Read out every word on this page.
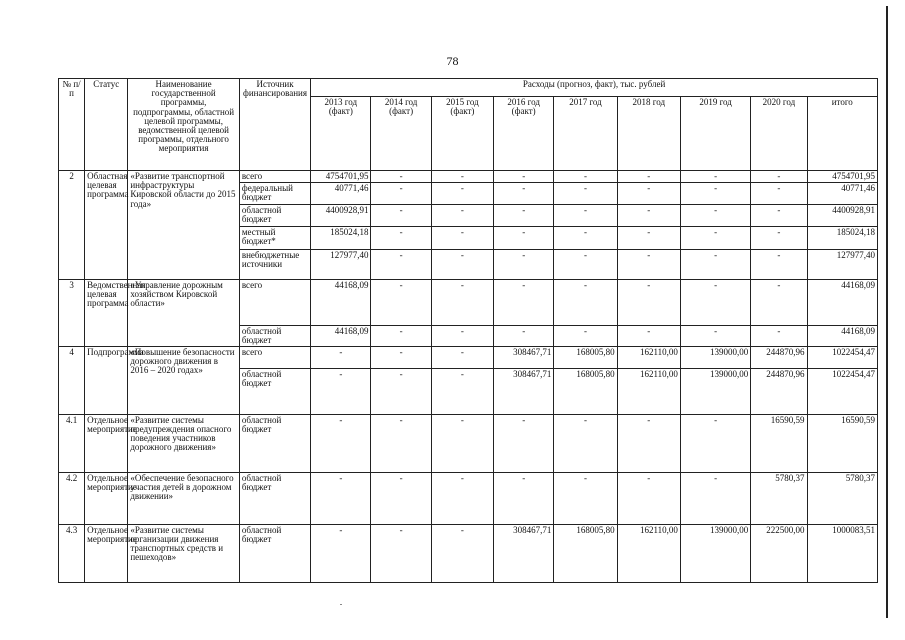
78
№ п/п	Статус	Наименование государственной программы, подпрограммы, областной целевой программы, ведомственной целевой программы, отдельного мероприятия	Источник финансирования	Расходы (прогноз, факт), тыс. рублей								
				2013 год (факт)	2014 год (факт)	2015 год (факт)	2016 год (факт)	2017 год	2018 год	2019 год	2020 год	итого
2	Областная целевая программа	«Развитие транспортной инфраструктуры Кировской области до 2015 года»	всего	4754701,95	-	-	-	-	-	-	-	4754701,95
			федеральный бюджет	40771,46	-	-	-	-	-	-	-	40771,46
			областной бюджет	4400928,91	-	-	-	-	-	-	-	4400928,91
			местный бюджет*	185024,18	-	-	-	-	-	-	-	185024,18
			внебюджетные источники	127977,40	-	-	-	-	-	-	-	127977,40
3	Ведомственная целевая программа	«Управление дорожным хозяйством Кировской области»	всего	44168,09	-	-	-	-	-	-	-	44168,09
			областной бюджет	44168,09	-	-	-	-	-	-	-	44168,09
4	Подпрограмма	«Повышение безопасности дорожного движения в 2016 – 2020 годах»	всего	-	-	-	308467,71	168005,80	162110,00	139000,00	244870,96	1022454,47
			областной бюджет	-	-	-	308467,71	168005,80	162110,00	139000,00	244870,96	1022454,47
4.1	Отдельное мероприятие	«Развитие системы предупреждения опасного поведения участников дорожного движения»	областной бюджет	-	-	-	-	-	-	-	16590,59	16590,59
4.2	Отдельное мероприятие	«Обеспечение безопасного участия детей в дорожном движении»	областной бюджет	-	-	-	-	-	-	-	5780,37	5780,37
4.3	Отдельное мероприятие	«Развитие системы организации движения транспортных средств и пешеходов»	областной бюджет	-	-	-	308467,71	168005,80	162110,00	139000,00	222500,00	1000083,51
